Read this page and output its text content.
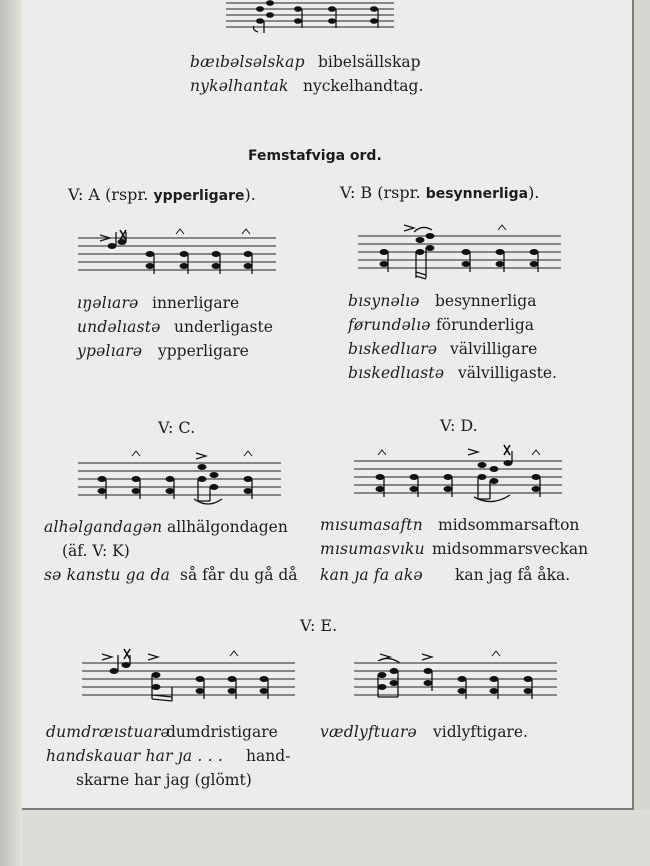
bæıbəlsəlskap bibelsällskap
nykəlhantak nyckelhandtag.
Femstafviga ord.
V: A (rspr. ypperligare).
ıŋəlıarə innerligare
undəlıastə underligaste
ypəlıarə ypperligare
V: B (rspr. besynnerliga).
bısynəlıə besynnerliga
førundəlıə förunderliga
bıskedlıarə välvilligare
bıskedlıastə välvilligaste.
V: C.
alhəlgandagən allhälgondagen
(äf. V: K)
sə kanstu ga da så får du gå då
V: D.
mısumasaftn midsommarsafton
mısumasvıku midsommarsveckan
kan ȷa fa akə kan jag få åka.
V: E.
dumdræıstuarə
dumdristigare
handskauar har ȷa . . . hand-
skarne har jag (glömt)
vædlyftuarə vidlyftigare.
